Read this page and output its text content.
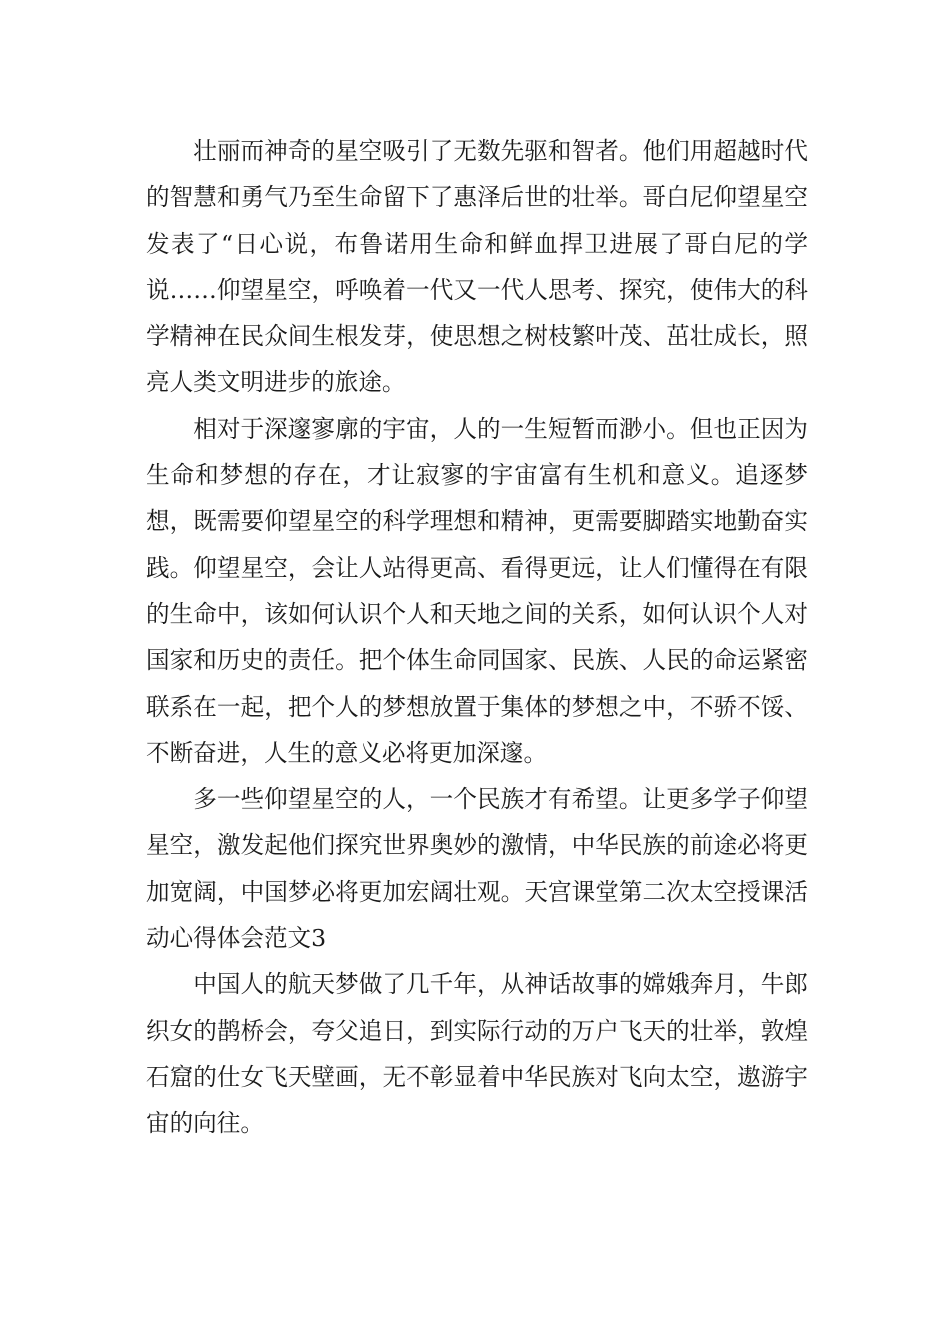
壮丽而神奇的星空吸引了无数先驱和智者。他们用超越时代的智慧和勇气乃至生命留下了惠泽后世的壮举。哥白尼仰望星空发表了“日心说，布鲁诺用生命和鲜血捍卫进展了哥白尼的学说……仰望星空，呼唤着一代又一代人思考、探究，使伟大的科学精神在民众间生根发芽，使思想之树枝繁叶茂、茁壮成长，照亮人类文明进步的旅途。

相对于深邃寥廓的宇宙，人的一生短暂而渺小。但也正因为生命和梦想的存在，才让寂寥的宇宙富有生机和意义。追逐梦想，既需要仰望星空的科学理想和精神，更需要脚踏实地勤奋实践。仰望星空，会让人站得更高、看得更远，让人们懂得在有限的生命中，该如何认识个人和天地之间的关系，如何认识个人对国家和历史的责任。把个体生命同国家、民族、人民的命运紧密联系在一起，把个人的梦想放置于集体的梦想之中，不骄不馁、不断奋进，人生的意义必将更加深邃。

多一些仰望星空的人，一个民族才有希望。让更多学子仰望星空，激发起他们探究世界奥妙的激情，中华民族的前途必将更加宽阔，中国梦必将更加宏阔壮观。天宫课堂第二次太空授课活动心得体会范文3

中国人的航天梦做了几千年，从神话故事的嫦娥奔月，牛郎织女的鹊桥会，夸父追日，到实际行动的万户飞天的壮举，敦煌石窟的仕女飞天壁画，无不彰显着中华民族对飞向太空，遨游宇宙的向往。
